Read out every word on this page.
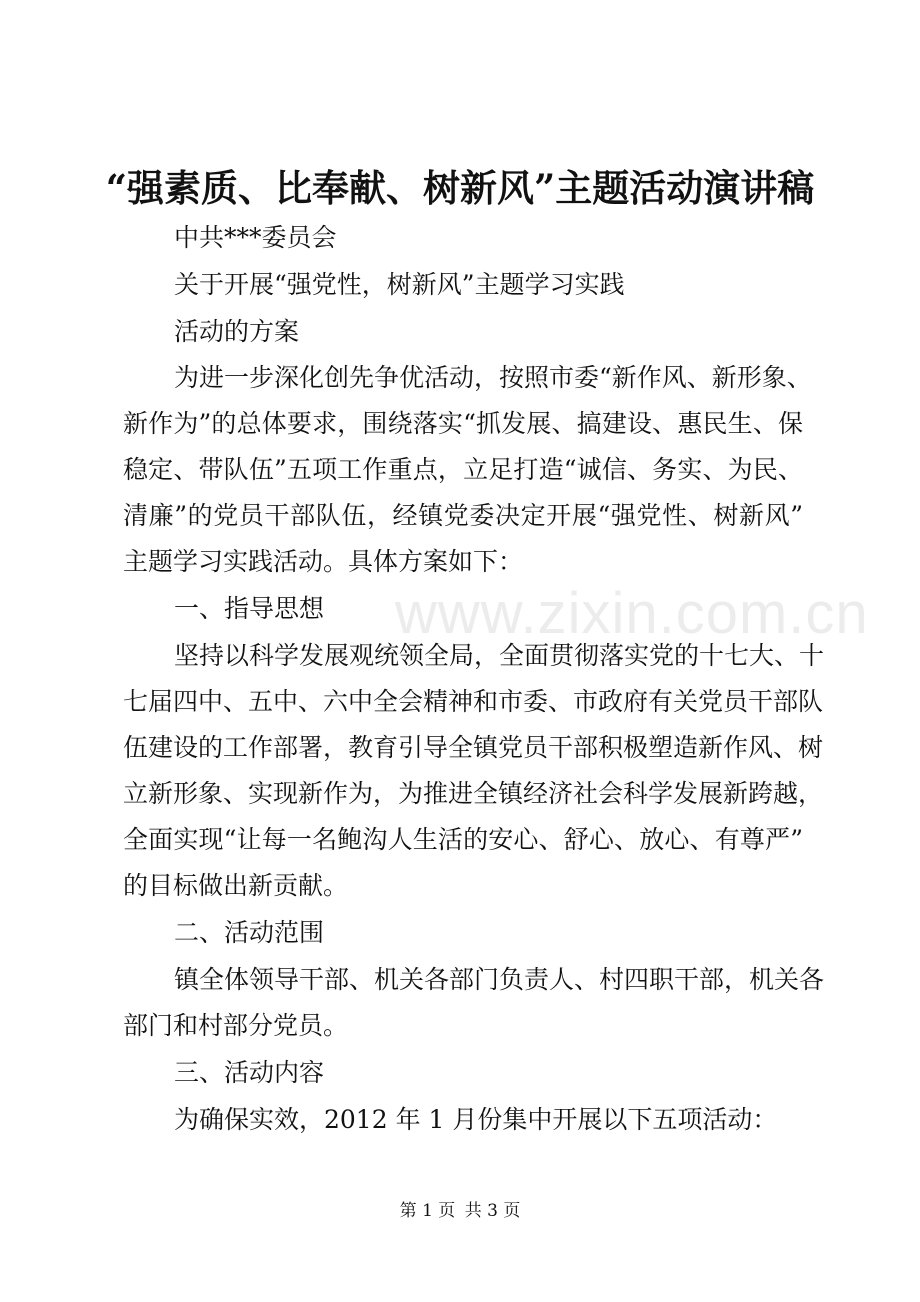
www.zixin.com.cn
“强素质、比奉献、树新风”主题活动演讲稿
中共***委员会
关于开展“强党性，树新风”主题学习实践
活动的方案
为进一步深化创先争优活动，按照市委“新作风、新形象、
新作为”的总体要求，围绕落实“抓发展、搞建设、惠民生、保
稳定、带队伍”五项工作重点，立足打造“诚信、务实、为民、
清廉”的党员干部队伍，经镇党委决定开展“强党性、树新风”
主题学习实践活动。具体方案如下：
一、指导思想
坚持以科学发展观统领全局，全面贯彻落实党的十七大、十
七届四中、五中、六中全会精神和市委、市政府有关党员干部队
伍建设的工作部署，教育引导全镇党员干部积极塑造新作风、树
立新形象、实现新作为，为推进全镇经济社会科学发展新跨越，
全面实现“让每一名鲍沟人生活的安心、舒心、放心、有尊严”
的目标做出新贡献。
二、活动范围
镇全体领导干部、机关各部门负责人、村四职干部，机关各
部门和村部分党员。
三、活动内容
为确保实效，2012 年 1 月份集中开展以下五项活动：
第 1 页 共 3 页
